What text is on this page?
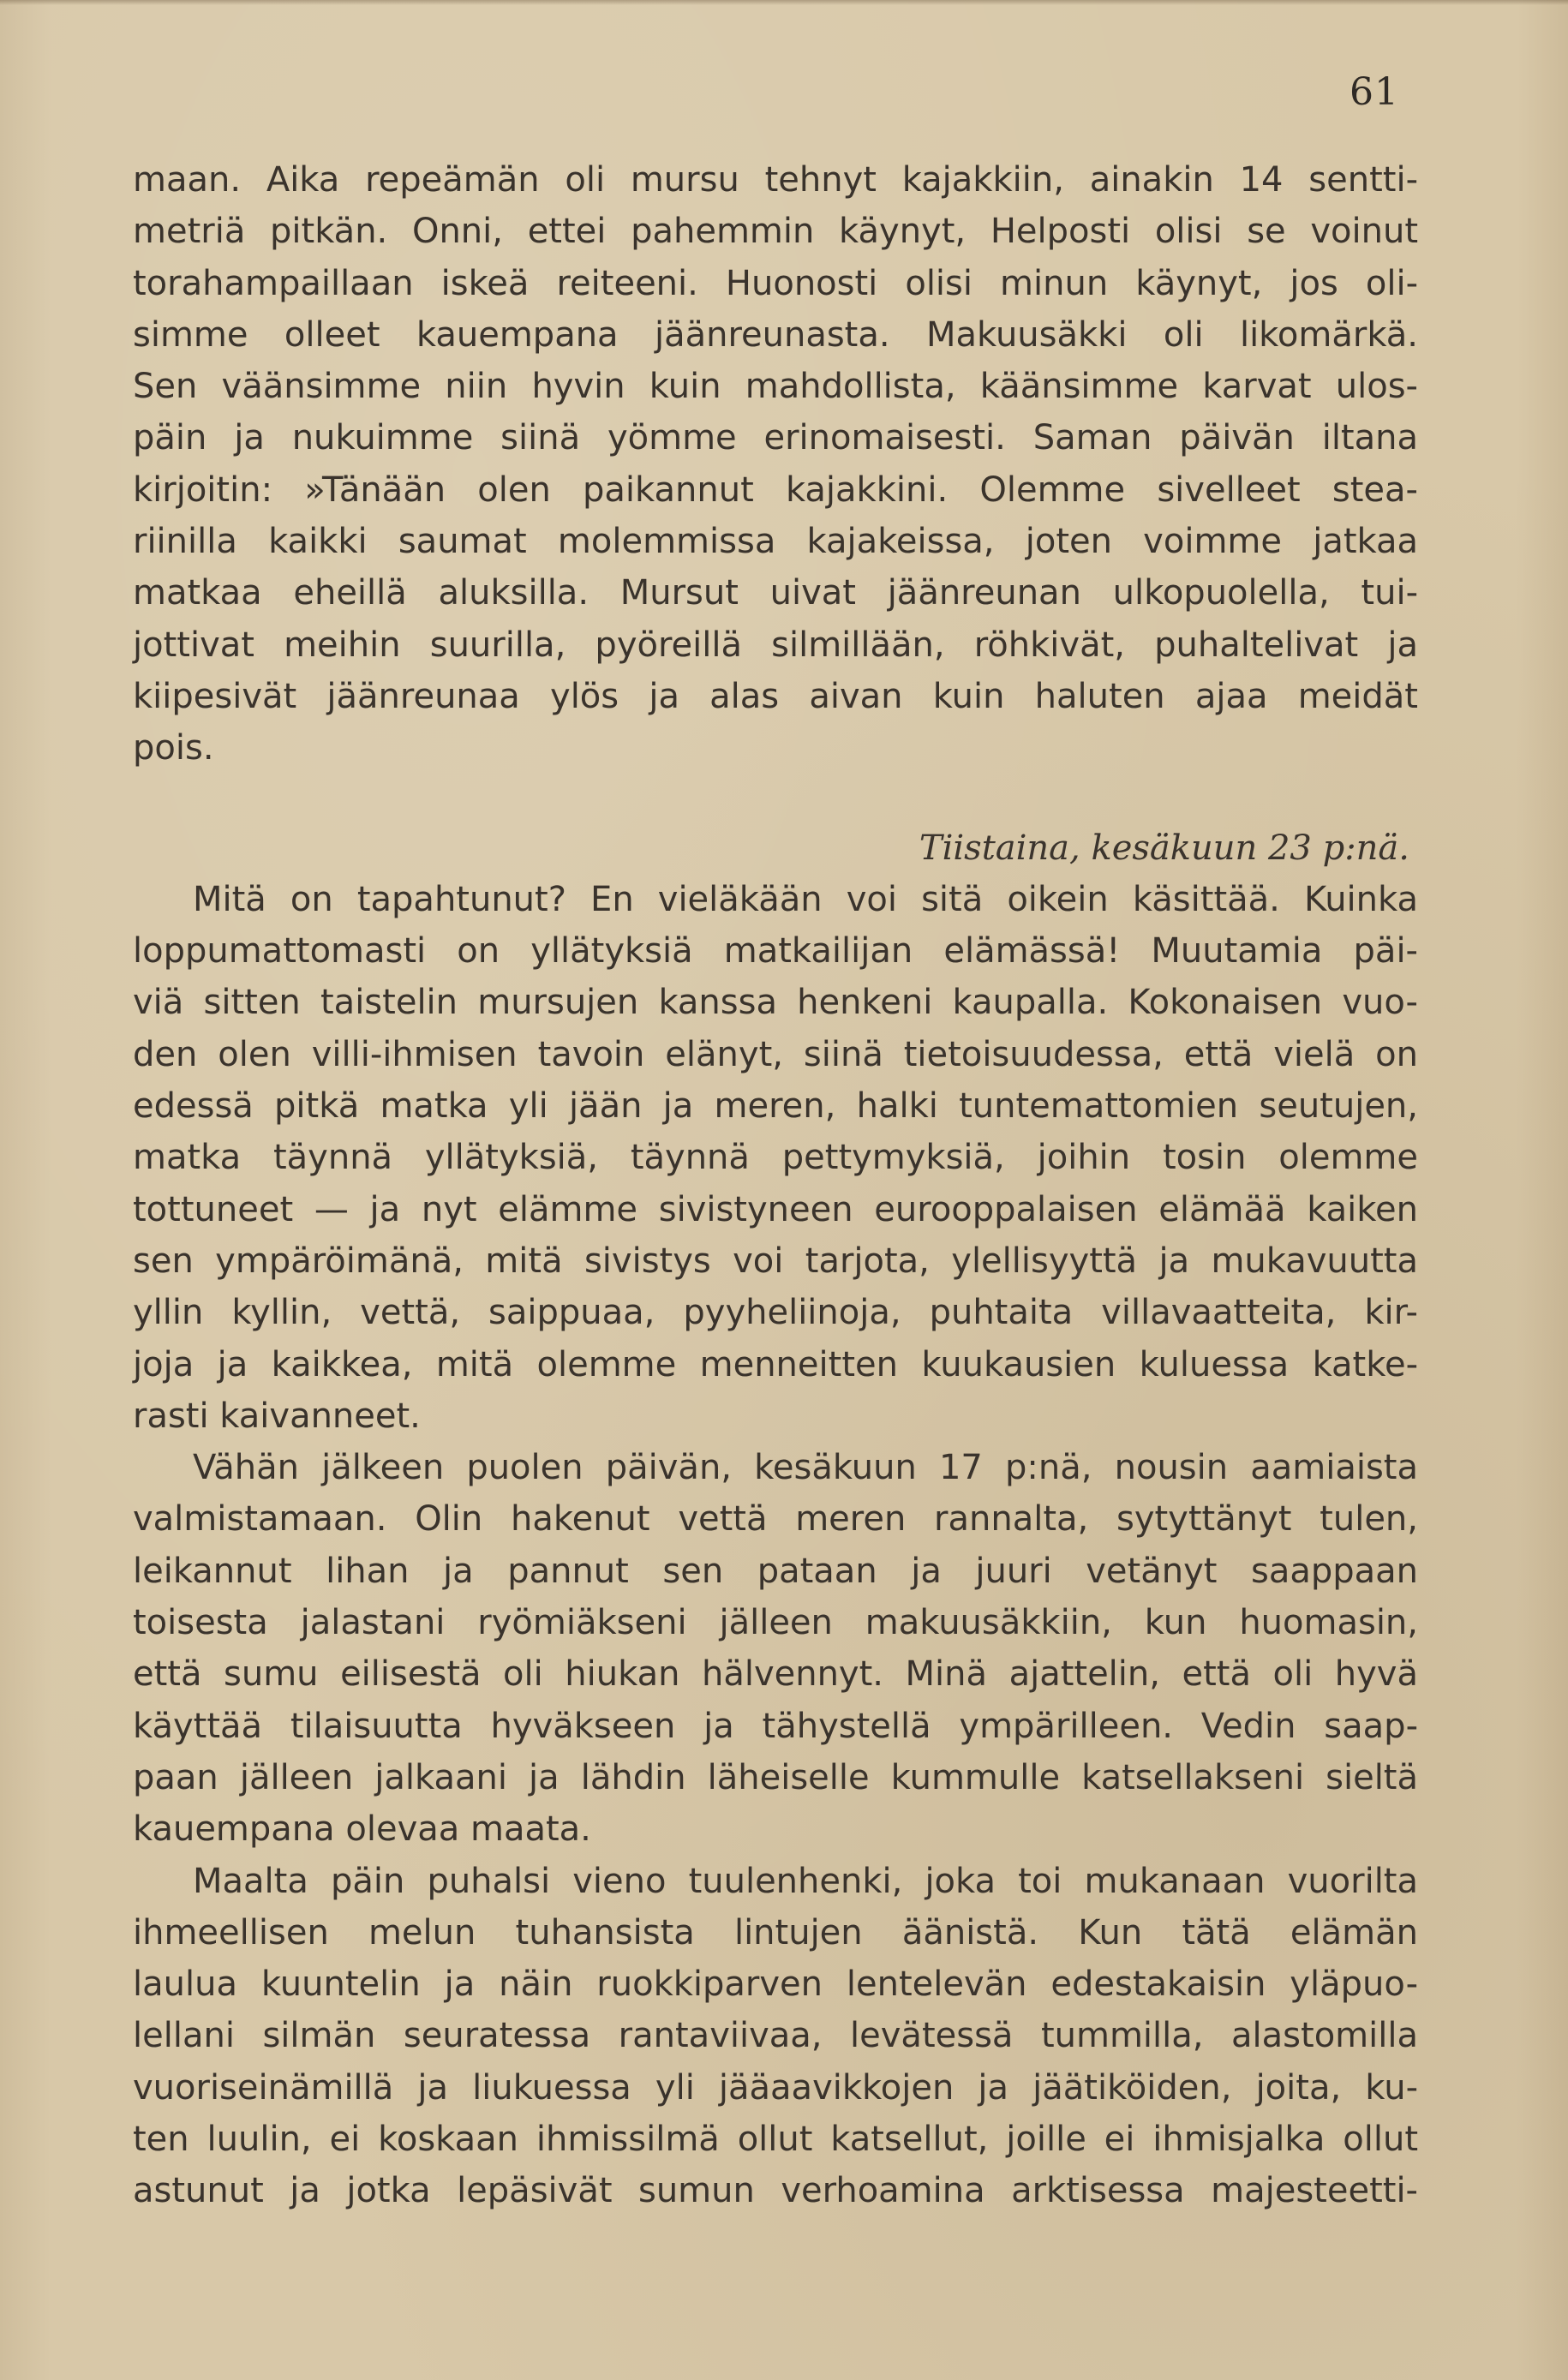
61
maan. Aika repeämän oli mursu tehnyt kajakkiin, ainakin 14 sentti-
metriä pitkän. Onni, ettei pahemmin käynyt, Helposti olisi se voinut
torahampaillaan iskeä reiteeni. Huonosti olisi minun käynyt, jos oli-
simme olleet kauempana jäänreunasta. Makuusäkki oli likomärkä.
Sen väänsimme niin hyvin kuin mahdollista, käänsimme karvat ulos-
päin ja nukuimme siinä yömme erinomaisesti. Saman päivän iltana
kirjoitin: »Tänään olen paikannut kajakkini. Olemme sivelleet stea-
riinilla kaikki saumat molemmissa kajakeissa, joten voimme jatkaa
matkaa eheillä aluksilla. Mursut uivat jäänreunan ulkopuolella, tui-
jottivat meihin suurilla, pyöreillä silmillään, röhkivät, puhaltelivat ja
kiipesivät jäänreunaa ylös ja alas aivan kuin haluten ajaa meidät
pois.
Tiistaina, kesäkuun 23 p:nä.
Mitä on tapahtunut? En vieläkään voi sitä oikein käsittää. Kuinka
loppumattomasti on yllätyksiä matkailijan elämässä! Muutamia päi-
viä sitten taistelin mursujen kanssa henkeni kaupalla. Kokonaisen vuo-
den olen villi-ihmisen tavoin elänyt, siinä tietoisuudessa, että vielä on
edessä pitkä matka yli jään ja meren, halki tuntemattomien seutujen,
matka täynnä yllätyksiä, täynnä pettymyksiä, joihin tosin olemme
tottuneet — ja nyt elämme sivistyneen eurooppalaisen elämää kaiken
sen ympäröimänä, mitä sivistys voi tarjota, ylellisyyttä ja mukavuutta
yllin kyllin, vettä, saippuaa, pyyheliinoja, puhtaita villavaatteita, kir-
joja ja kaikkea, mitä olemme menneitten kuukausien kuluessa katke-
rasti kaivanneet.
Vähän jälkeen puolen päivän, kesäkuun 17 p:nä, nousin aamiaista
valmistamaan. Olin hakenut vettä meren rannalta, sytyttänyt tulen,
leikannut lihan ja pannut sen pataan ja juuri vetänyt saappaan
toisesta jalastani ryömiäkseni jälleen makuusäkkiin, kun huomasin,
että sumu eilisestä oli hiukan hälvennyt. Minä ajattelin, että oli hyvä
käyttää tilaisuutta hyväkseen ja tähystellä ympärilleen. Vedin saap-
paan jälleen jalkaani ja lähdin läheiselle kummulle katsellakseni sieltä
kauempana olevaa maata.
Maalta päin puhalsi vieno tuulenhenki, joka toi mukanaan vuorilta
ihmeellisen melun tuhansista lintujen äänistä. Kun tätä elämän
laulua kuuntelin ja näin ruokkiparven lentelevän edestakaisin yläpuo-
lellani silmän seuratessa rantaviivaa, levätessä tummilla, alastomilla
vuoriseinämillä ja liukuessa yli jääaavikkojen ja jäätiköiden, joita, ku-
ten luulin, ei koskaan ihmissilmä ollut katsellut, joille ei ihmisjalka ollut
astunut ja jotka lepäsivät sumun verhoamina arktisessa majesteetti-
